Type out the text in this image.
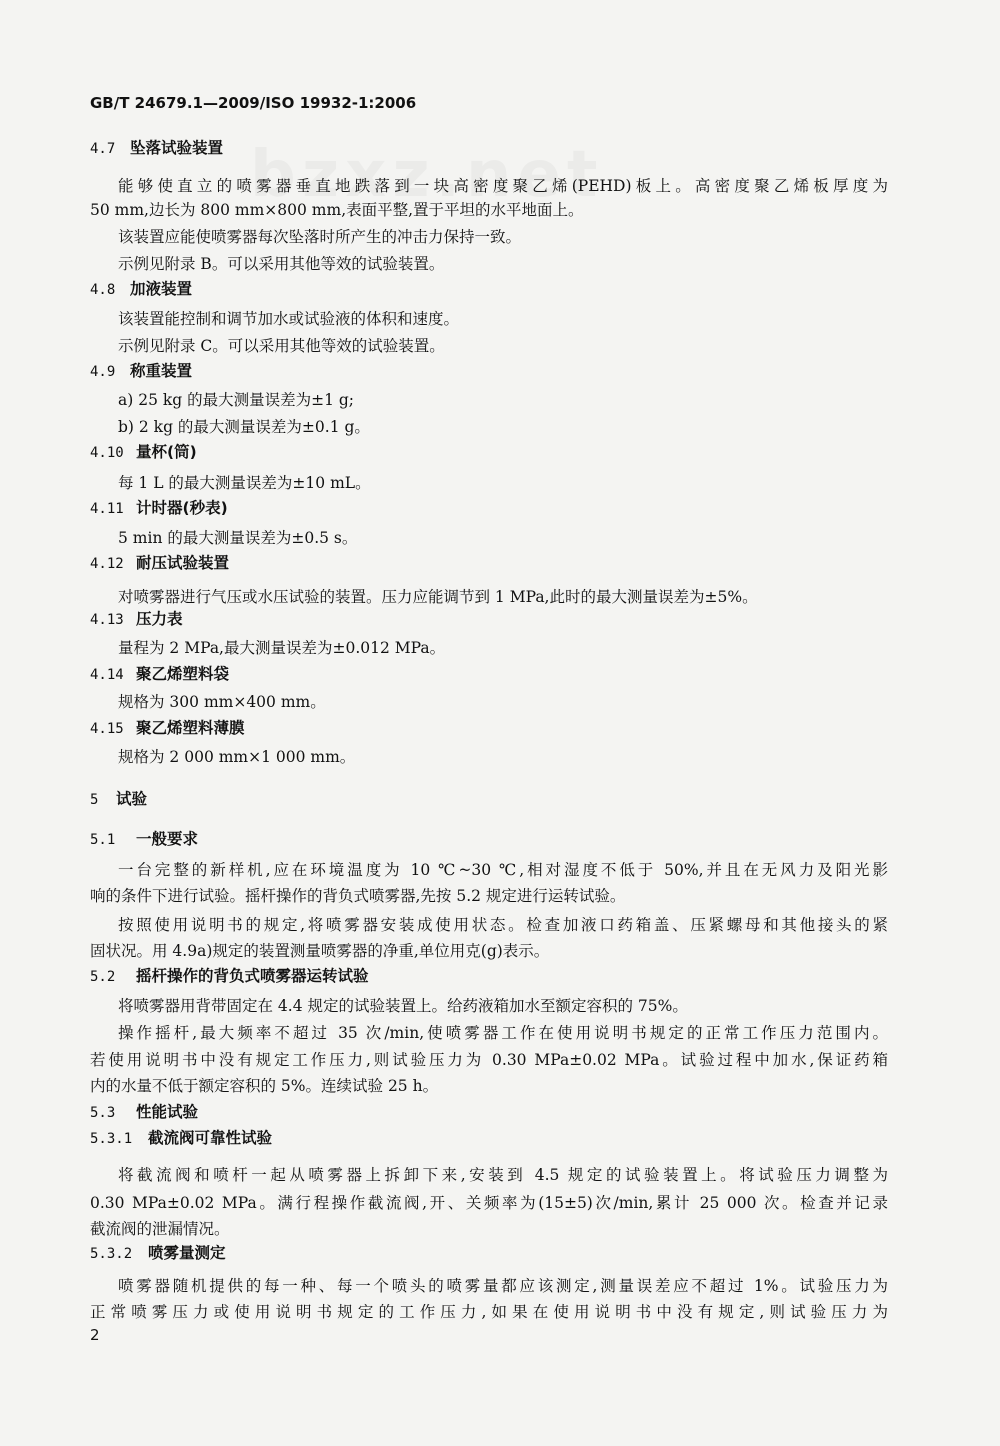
GB/T 24679.1—2009/ISO 19932-1:2006
4.7 坠落试验装置
能够使直立的喷雾器垂直地跌落到一块高密度聚乙烯(PEHD)板上。高密度聚乙烯板厚度为
50 mm,边长为 800 mm×800 mm,表面平整,置于平坦的水平地面上。
该装置应能使喷雾器每次坠落时所产生的冲击力保持一致。
示例见附录 B。可以采用其他等效的试验装置。
4.8 加液装置
该装置能控制和调节加水或试验液的体积和速度。
示例见附录 C。可以采用其他等效的试验装置。
4.9 称重装置
a) 25 kg 的最大测量误差为±1 g;
b) 2 kg 的最大测量误差为±0.1 g。
4.10 量杯(筒)
每 1 L 的最大测量误差为±10 mL。
4.11 计时器(秒表)
5 min 的最大测量误差为±0.5 s。
4.12 耐压试验装置
对喷雾器进行气压或水压试验的装置。压力应能调节到 1 MPa,此时的最大测量误差为±5%。
4.13 压力表
量程为 2 MPa,最大测量误差为±0.012 MPa。
4.14 聚乙烯塑料袋
规格为 300 mm×400 mm。
4.15 聚乙烯塑料薄膜
规格为 2 000 mm×1 000 mm。
5 试验
5.1 一般要求
一台完整的新样机,应在环境温度为 10 ℃~30 ℃,相对湿度不低于 50%,并且在无风力及阳光影
响的条件下进行试验。摇杆操作的背负式喷雾器,先按 5.2 规定进行运转试验。
按照使用说明书的规定,将喷雾器安装成使用状态。检查加液口药箱盖、压紧螺母和其他接头的紧
固状况。用 4.9a)规定的装置测量喷雾器的净重,单位用克(g)表示。
5.2 摇杆操作的背负式喷雾器运转试验
将喷雾器用背带固定在 4.4 规定的试验装置上。给药液箱加水至额定容积的 75%。
操作摇杆,最大频率不超过 35 次/min,使喷雾器工作在使用说明书规定的正常工作压力范围内。
若使用说明书中没有规定工作压力,则试验压力为 0.30 MPa±0.02 MPa。试验过程中加水,保证药箱
内的水量不低于额定容积的 5%。连续试验 25 h。
5.3 性能试验
5.3.1 截流阀可靠性试验
将截流阀和喷杆一起从喷雾器上拆卸下来,安装到 4.5 规定的试验装置上。将试验压力调整为
0.30 MPa±0.02 MPa。满行程操作截流阀,开、关频率为(15±5)次/min,累计 25 000 次。检查并记录
截流阀的泄漏情况。
5.3.2 喷雾量测定
喷雾器随机提供的每一种、每一个喷头的喷雾量都应该测定,测量误差应不超过 1%。试验压力为
正常喷雾压力或使用说明书规定的工作压力,如果在使用说明书中没有规定,则试验压力为
2
